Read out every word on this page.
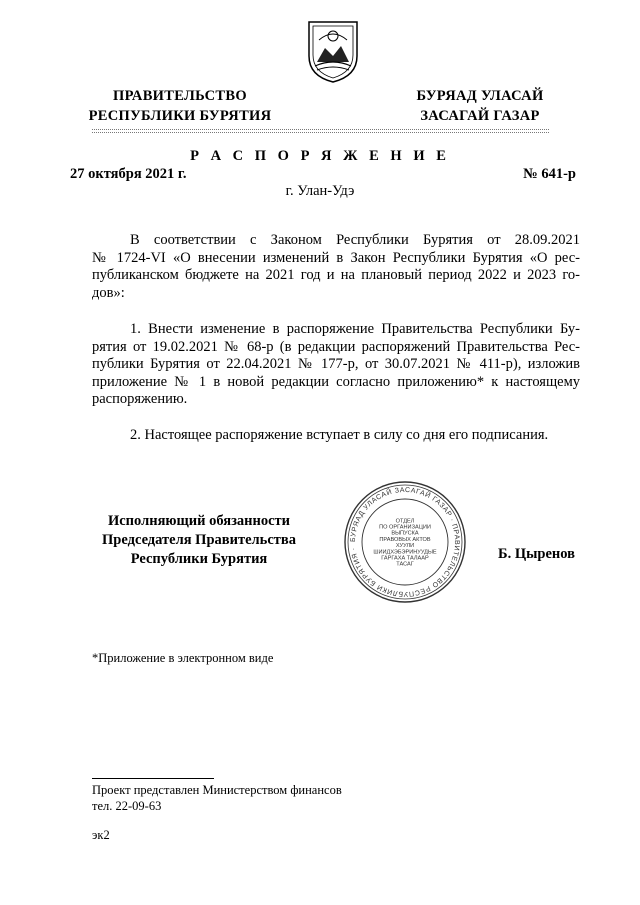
ПРАВИТЕЛЬСТВО
РЕСПУБЛИКИ БУРЯТИЯ
БУРЯАД УЛАСАЙ
ЗАСАГАЙ ГАЗАР
Р А С П О Р Я Ж Е Н И Е
27 октября 2021 г.	№ 641-р
г. Улан-Удэ
В соответствии с Законом Республики Бурятия от 28.09.2021
№ 1724-VI «О внесении изменений в Закон Республики Бурятия «О рес-
публиканском бюджете на 2021 год и на плановый период 2022 и 2023 го-
дов»:
1. Внести изменение в распоряжение Правительства Республики Бу-
рятия от 19.02.2021 № 68-р (в редакции распоряжений Правительства Рес-
публики Бурятия от 22.04.2021 № 177-р, от 30.07.2021 № 411-р), изложив
приложение № 1 в новой редакции согласно приложению* к настоящему
распоряжению.
2. Настоящее распоряжение вступает в силу со дня его подписания.
Исполняющий обязанности
Председателя Правительства
Республики Бурятия	Б. Цыренов
БУРЯАД УЛАСАЙ ЗАСАГАЙ ГАЗАР · ПРАВИТЕЛЬСТВО РЕСПУБЛИКИ БУРЯТИЯ ·
ОТДЕЛ
ПО ОРГАНИЗАЦИИ
ВЫПУСКА
ПРАВОВЫХ АКТОВ
ХУУЛИ
ШИИДХЭБЭРИНУУДЫЕ
ГАРГАХА ТАЛААР
ТАСАГ
*Приложение в электронном виде
Проект представлен Министерством финансов
тел. 22-09-63
эк2
